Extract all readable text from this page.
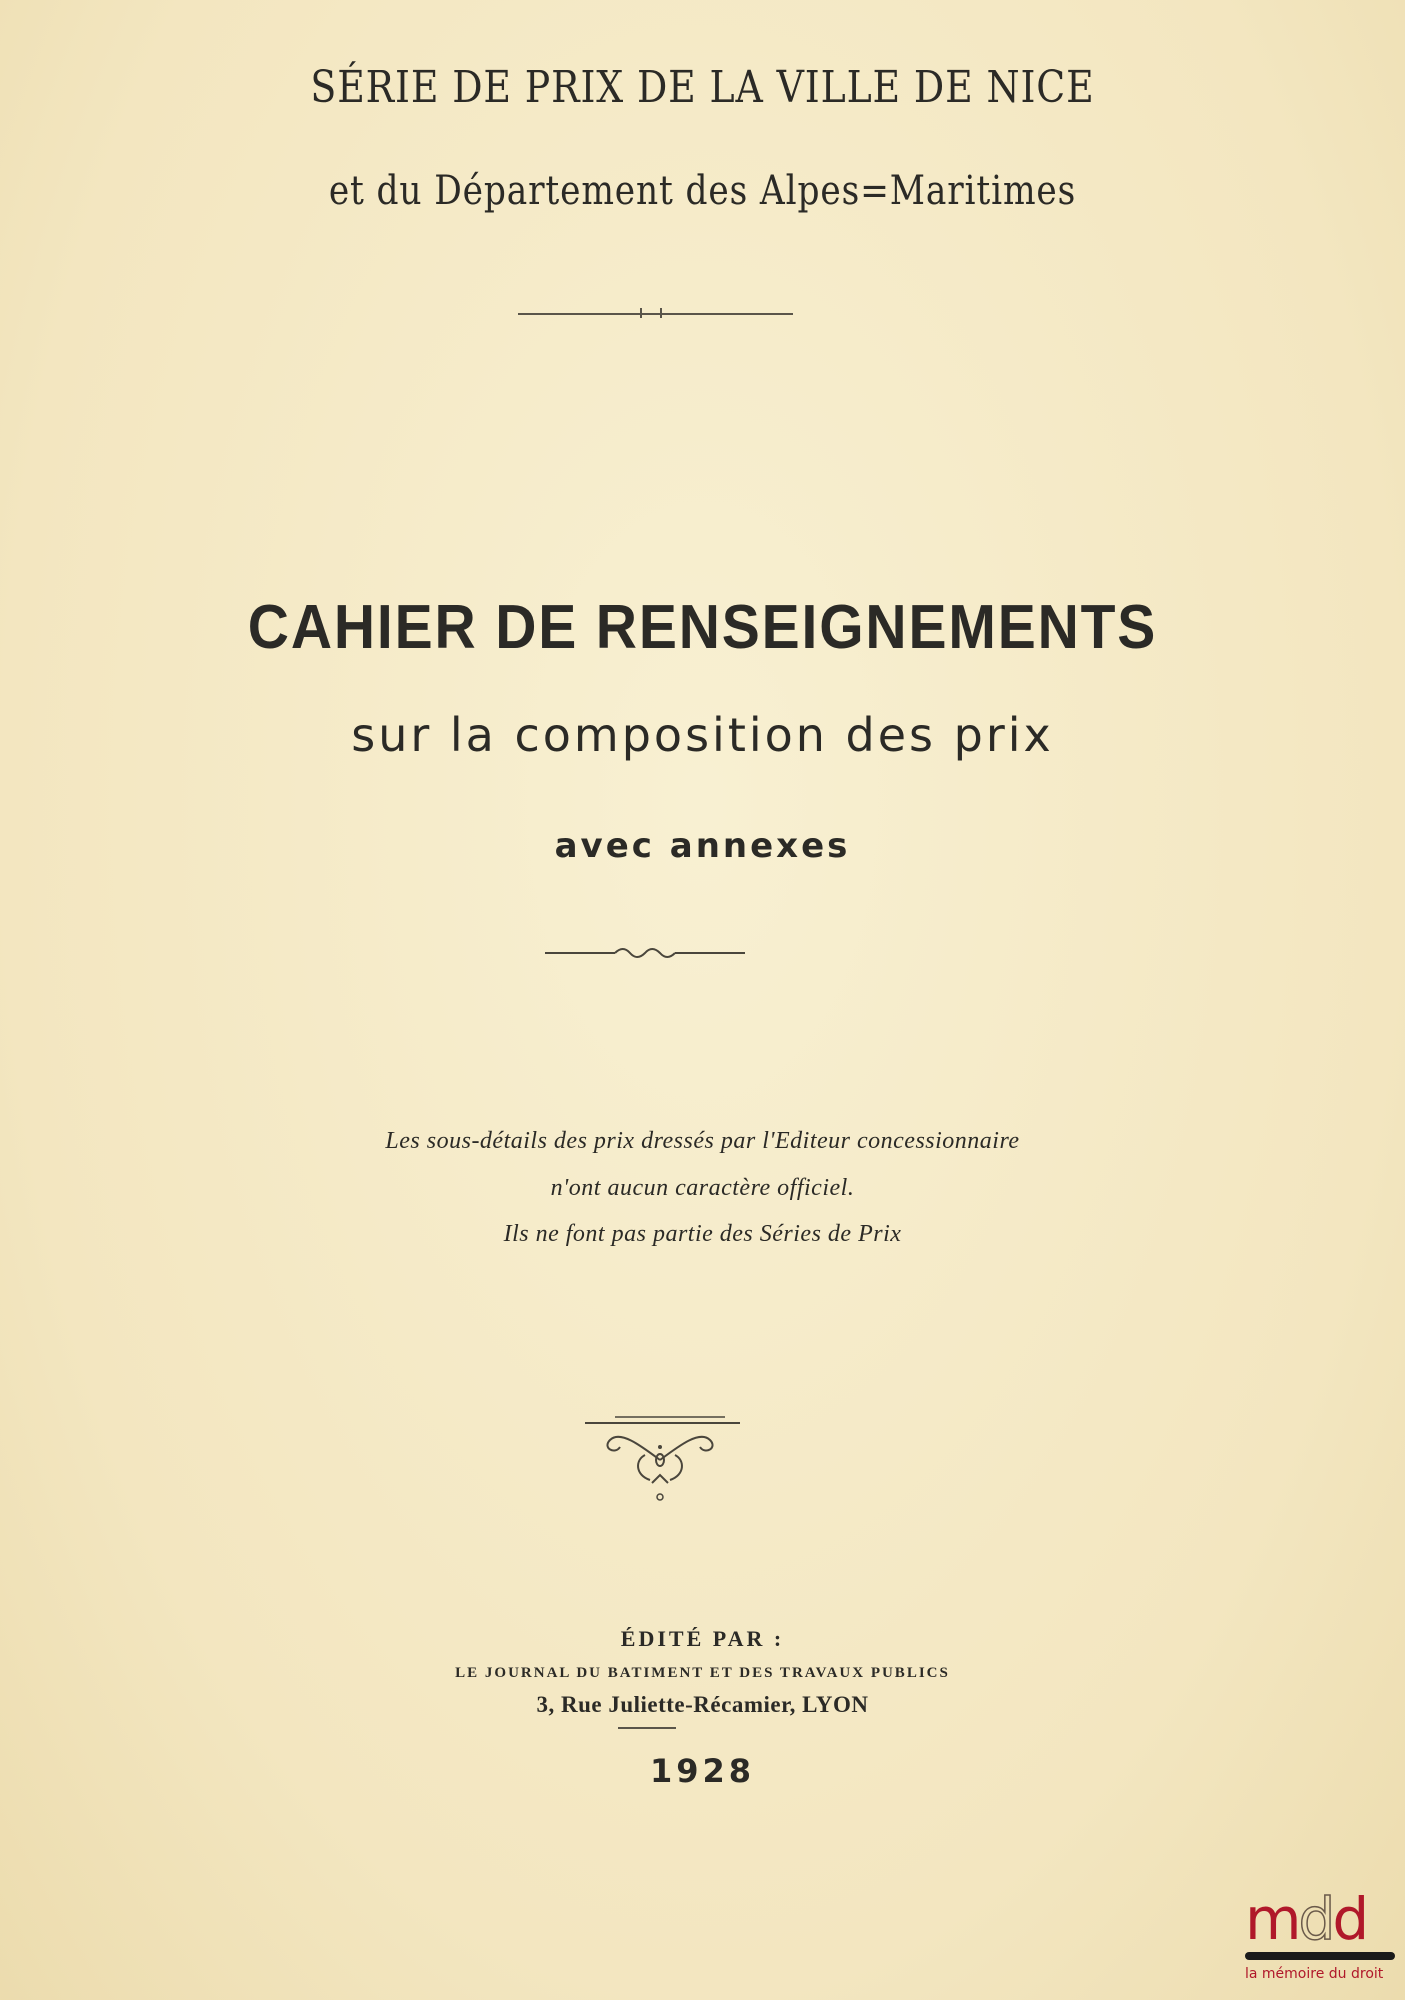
SÉRIE DE PRIX DE LA VILLE DE NICE
et du Département des Alpes=Maritimes
CAHIER DE RENSEIGNEMENTS
sur la composition des prix
avec annexes
Les sous-détails des prix dressés par l'Editeur concessionnaire
n'ont aucun caractère officiel.
Ils ne font pas partie des Séries de Prix
ÉDITÉ PAR :
LE JOURNAL DU BATIMENT ET DES TRAVAUX PUBLICS
3, Rue Juliette-Récamier, LYON
1928
mdd
la mémoire du droit
